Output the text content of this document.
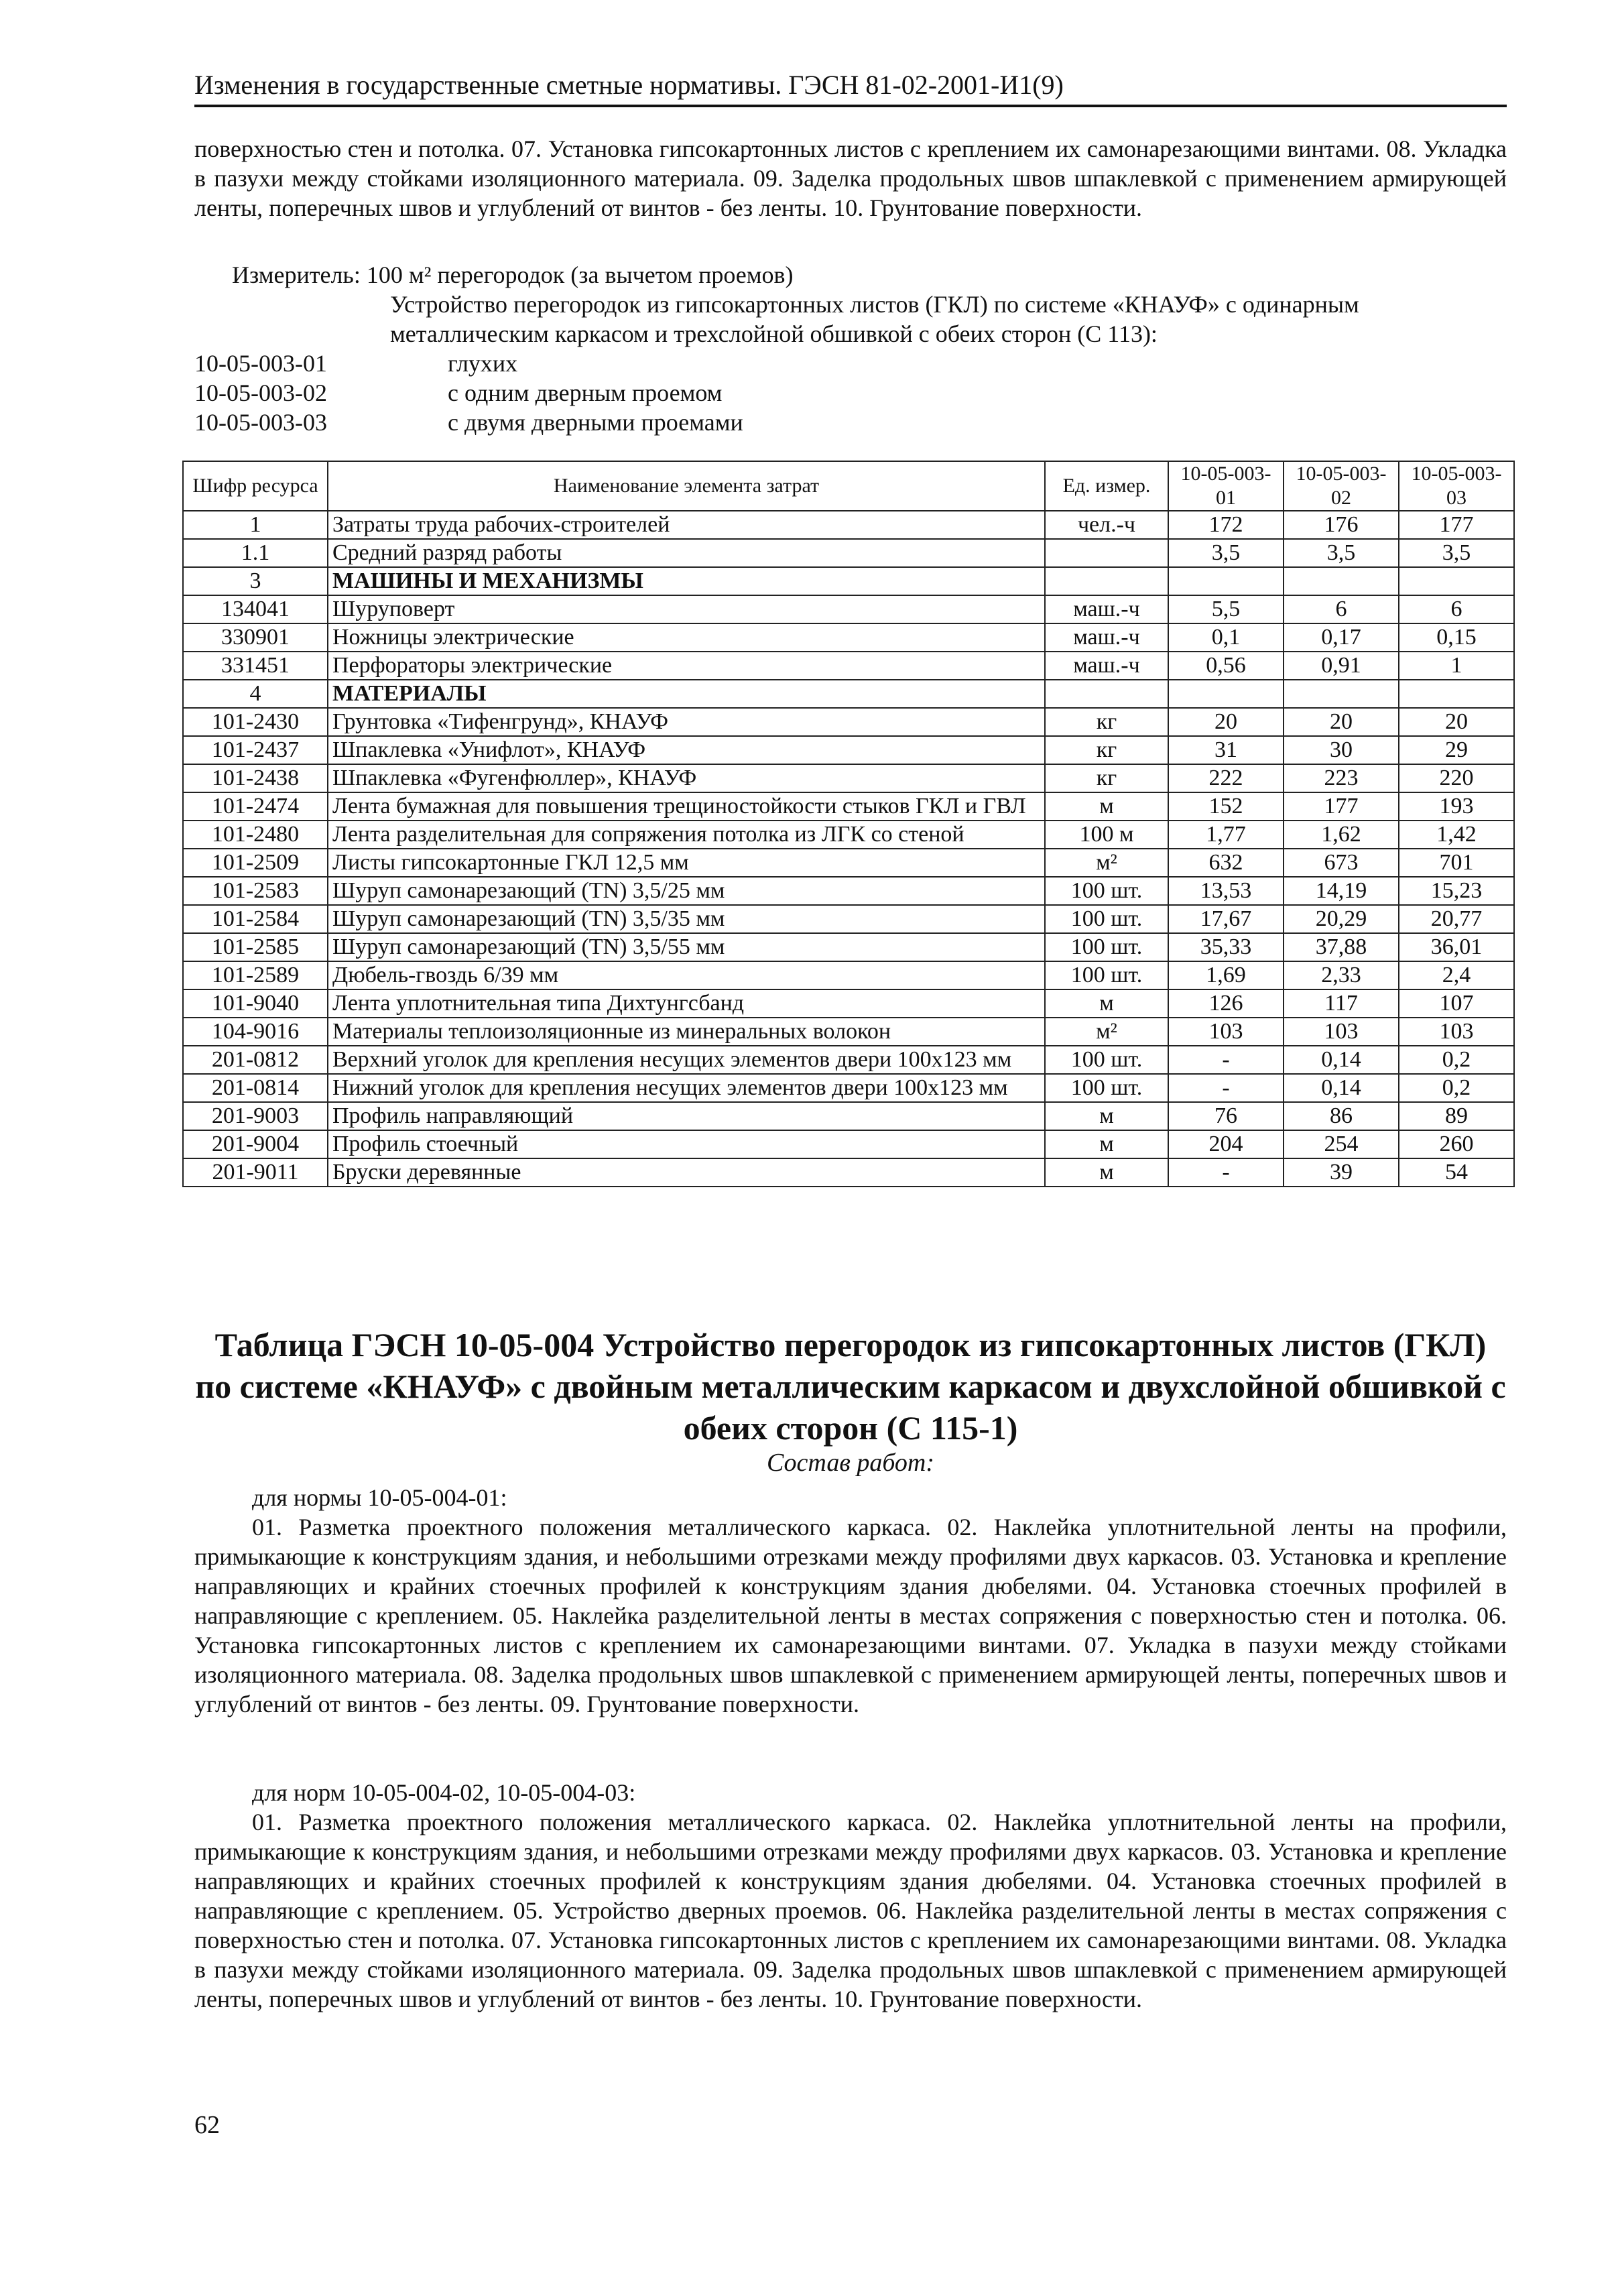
Изменения в государственные сметные нормативы. ГЭСН 81-02-2001-И1(9)
поверхностью стен и потолка. 07. Установка гипсокартонных листов с креплением их самонарезающими винтами. 08. Укладка в пазухи между стойками изоляционного материала. 09. Заделка продольных швов шпаклевкой с применением армирующей ленты, поперечных швов и углублений от винтов - без ленты. 10. Грунтование поверхности.
Измеритель: 100 м² перегородок (за вычетом проемов)
Устройство перегородок из гипсокартонных листов (ГКЛ) по системе «КНАУФ» с одинарным металлическим каркасом и трехслойной обшивкой с обеих сторон (С 113):
10-05-003-01	глухих
10-05-003-02	с одним дверным проемом
10-05-003-03	с двумя дверными проемами
Шифр ресурса	Наименование элемента затрат	Ед. измер.	10-05-003-01	10-05-003-02	10-05-003-03
1	Затраты труда рабочих-строителей	чел.-ч	172	176	177
1.1	Средний разряд работы		3,5	3,5	3,5
3	МАШИНЫ И МЕХАНИЗМЫ				
134041	Шуруповерт	маш.-ч	5,5	6	6
330901	Ножницы электрические	маш.-ч	0,1	0,17	0,15
331451	Перфораторы электрические	маш.-ч	0,56	0,91	1
4	МАТЕРИАЛЫ				
101-2430	Грунтовка «Тифенгрунд», КНАУФ	кг	20	20	20
101-2437	Шпаклевка «Унифлот», КНАУФ	кг	31	30	29
101-2438	Шпаклевка «Фугенфюллер», КНАУФ	кг	222	223	220
101-2474	Лента бумажная для повышения трещиностойкости стыков ГКЛ и ГВЛ	м	152	177	193
101-2480	Лента разделительная для сопряжения потолка из ЛГК со стеной	100 м	1,77	1,62	1,42
101-2509	Листы гипсокартонные ГКЛ 12,5 мм	м²	632	673	701
101-2583	Шуруп самонарезающий (TN) 3,5/25 мм	100 шт.	13,53	14,19	15,23
101-2584	Шуруп самонарезающий (TN) 3,5/35 мм	100 шт.	17,67	20,29	20,77
101-2585	Шуруп самонарезающий (TN) 3,5/55 мм	100 шт.	35,33	37,88	36,01
101-2589	Дюбель-гвоздь 6/39 мм	100 шт.	1,69	2,33	2,4
101-9040	Лента уплотнительная типа Дихтунгсбанд	м	126	117	107
104-9016	Материалы теплоизоляционные из минеральных волокон	м²	103	103	103
201-0812	Верхний уголок для крепления несущих элементов двери 100x123 мм	100 шт.	-	0,14	0,2
201-0814	Нижний уголок для крепления несущих элементов двери 100x123 мм	100 шт.	-	0,14	0,2
201-9003	Профиль направляющий	м	76	86	89
201-9004	Профиль стоечный	м	204	254	260
201-9011	Бруски деревянные	м	-	39	54
Таблица ГЭСН 10-05-004 Устройство перегородок из гипсокартонных листов (ГКЛ) по системе «КНАУФ» с двойным металлическим каркасом и двухслойной обшивкой с обеих сторон (С 115-1)
Состав работ:
для нормы 10-05-004-01:
01. Разметка проектного положения металлического каркаса. 02. Наклейка уплотнительной ленты на профили, примыкающие к конструкциям здания, и небольшими отрезками между профилями двух каркасов. 03. Установка и крепление направляющих и крайних стоечных профилей к конструкциям здания дюбелями. 04. Установка стоечных профилей в направляющие с креплением. 05. Наклейка разделительной ленты в местах сопряжения с поверхностью стен и потолка. 06. Установка гипсокартонных листов с креплением их самонарезающими винтами. 07. Укладка в пазухи между стойками изоляционного материала. 08. Заделка продольных швов шпаклевкой с применением армирующей ленты, поперечных швов и углублений от винтов - без ленты. 09. Грунтование поверхности.
для норм 10-05-004-02, 10-05-004-03:
01. Разметка проектного положения металлического каркаса. 02. Наклейка уплотнительной ленты на профили, примыкающие к конструкциям здания, и небольшими отрезками между профилями двух каркасов. 03. Установка и крепление направляющих и крайних стоечных профилей к конструкциям здания дюбелями. 04. Установка стоечных профилей в направляющие с креплением. 05. Устройство дверных проемов. 06. Наклейка разделительной ленты в местах сопряжения с поверхностью стен и потолка. 07. Установка гипсокартонных листов с креплением их самонарезающими винтами. 08. Укладка в пазухи между стойками изоляционного материала. 09. Заделка продольных швов шпаклевкой с применением армирующей ленты, поперечных швов и углублений от винтов - без ленты. 10. Грунтование поверхности.
62
